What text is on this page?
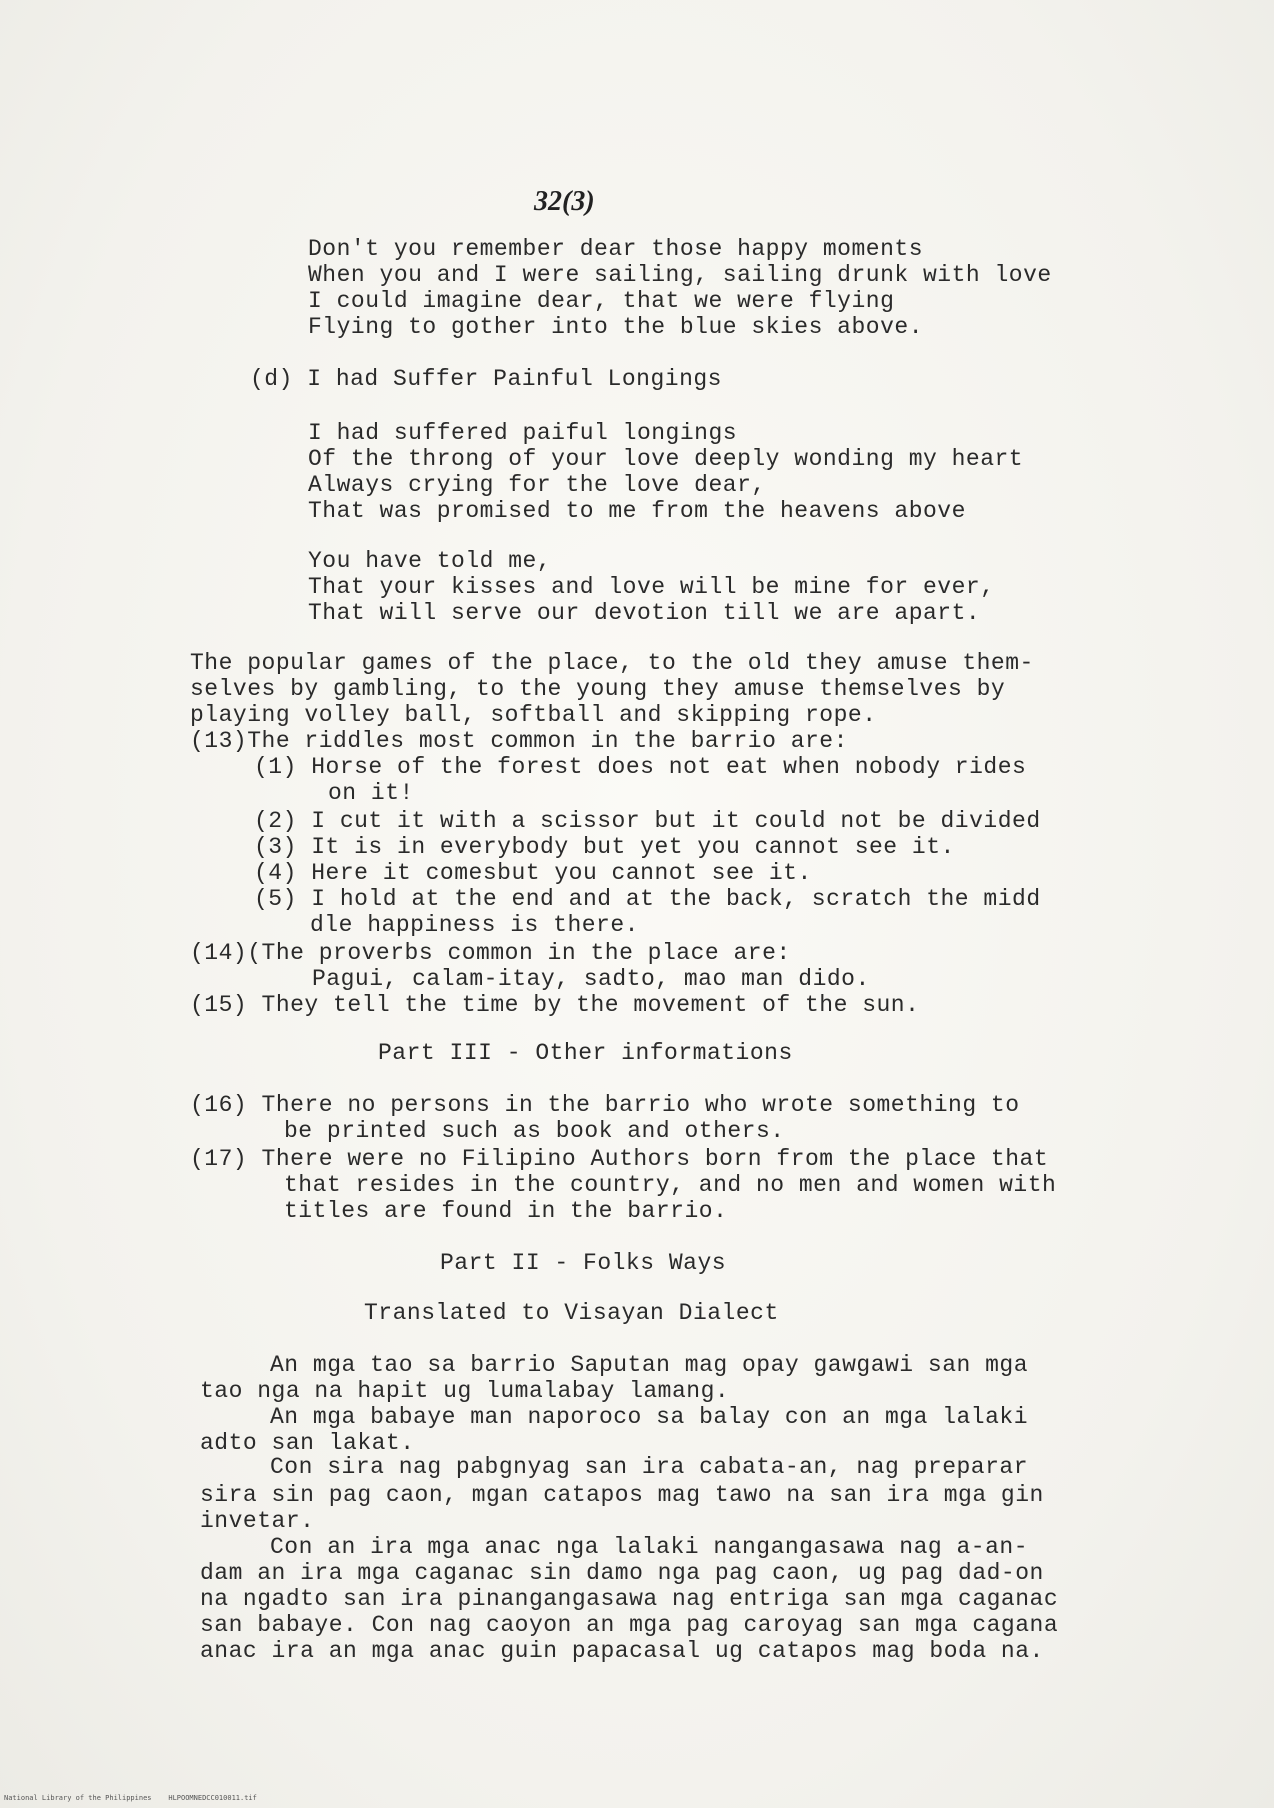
32(3)
Don't you remember dear those happy moments
When you and I were sailing, sailing drunk with love
I could imagine dear, that we were flying
Flying to gother into the blue skies above.
(d) I had Suffer Painful Longings
I had suffered paiful longings
Of the throng of your love deeply wonding my heart
Always crying for the love dear,
That was promised to me from the heavens above
You have told me,
That your kisses and love will be mine for ever,
That will serve our devotion till we are apart.
The popular games of the place, to the old they amuse them-
selves by gambling, to the young they amuse themselves by
playing volley ball, softball and skipping rope.
(13)The riddles most common in the barrio are:
(1) Horse of the forest does not eat when nobody rides
on it!
(2) I cut it with a scissor but it could not be divided
(3) It is in everybody but yet you cannot see it.
(4) Here it comesbut you cannot see it.
(5) I hold at the end and at the back, scratch the midd
dle happiness is there.
(14)(The proverbs common in the place are:
Pagui, calam-itay, sadto, mao man dido.
(15) They tell the time by the movement of the sun.
Part III - Other informations
(16) There no persons in the barrio who wrote something to
be printed such as book and others.
(17) There were no Filipino Authors born from the place that
that resides in the country, and no men and women with
titles are found in the barrio.
Part II - Folks Ways
Translated to Visayan Dialect
An mga tao sa barrio Saputan mag opay gawgawi san mga
tao nga na hapit ug lumalabay lamang.
An mga babaye man naporoco sa balay con an mga lalaki
adto san lakat.
Con sira nag pabgnyag san ira cabata-an, nag preparar
sira sin pag caon, mgan catapos mag tawo na san ira mga gin
invetar.
Con an ira mga anac nga lalaki nangangasawa nag a-an-
dam an ira mga caganac sin damo nga pag caon, ug pag dad-on
na ngadto san ira pinangangasawa nag entriga san mga caganac
san babaye. Con nag caoyon an mga pag caroyag san mga cagana
anac ira an mga anac guin papacasal ug catapos mag boda na.
National Library of the Philippines    HLPOOMNEDCC010011.tif
